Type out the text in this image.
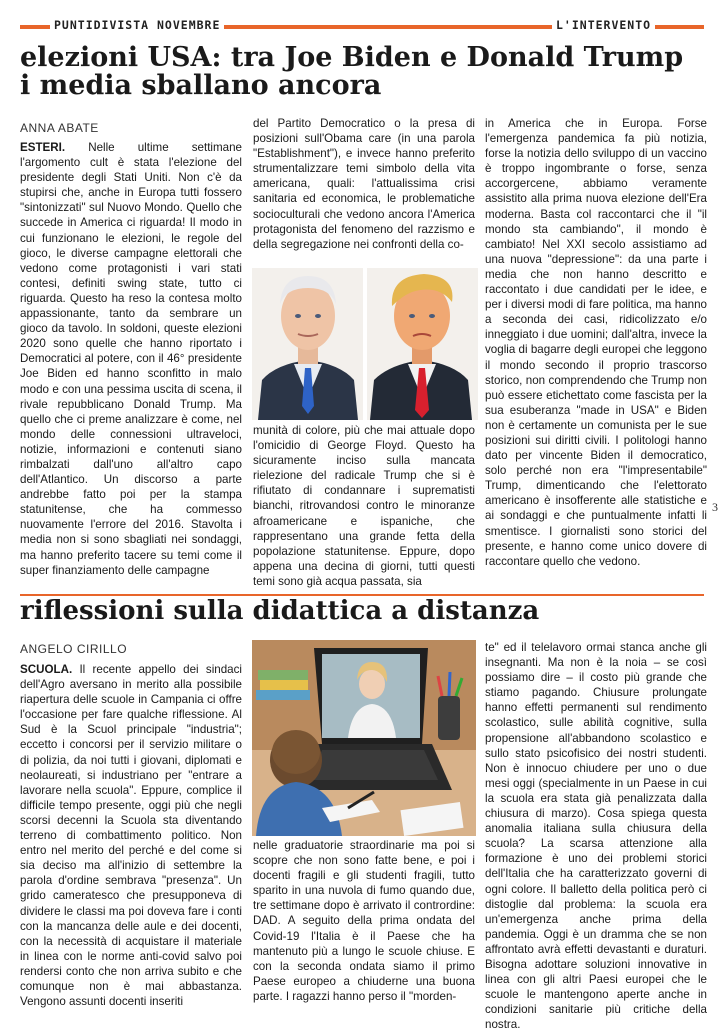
PUNTIDIVISTA NOVEMBRE	L'INTERVENTO
elezioni USA: tra Joe Biden e Donald Trump
i media sballano ancora
ANNA ABATE
ESTERI. Nelle ultime settimane l'argomento cult è stata l'elezione del presidente degli Stati Uniti. Non c'è da stupirsi che, anche in Europa tutti fossero "sintonizzati" sul Nuovo Mondo. Quello che succede in America ci riguarda! Il modo in cui funzionano le elezioni, le regole del gioco, le diverse campagne elettorali che vedono come protagonisti i vari stati contesi, definiti swing state, tutto ci riguarda. Questo ha reso la contesa molto appassionante, tanto da sembrare un gioco da tavolo. In soldoni, queste elezioni 2020 sono quelle che hanno riportato i Democratici al potere, con il 46° presidente Joe Biden ed hanno sconfitto in malo modo e con una pessima uscita di scena, il rivale repubblicano Donald Trump. Ma quello che ci preme analizzare è come, nel mondo delle connessioni ultraveloci, notizie, informazioni e contenuti siano rimbalzati dall'uno all'altro capo dell'Atlantico. Un discorso a parte andrebbe fatto poi per la stampa statunitense, che ha commesso nuovamente l'errore del 2016. Stavolta i media non si sono sbagliati nei sondaggi, ma hanno preferito tacere su temi come il super finanziamento delle campagne
del Partito Democratico o la presa di posizioni sull'Obama care (in una parola "Establishment"), e invece hanno preferito strumentalizzare temi simbolo della vita americana, quali: l'attualissima crisi sanitaria ed economica, le problematiche socioculturali che vedono ancora l'America protagonista del fenomeno del razzismo e della segregazione nei confronti della co-
munità di colore, più che mai attuale dopo l'omicidio di George Floyd. Questo ha sicuramente inciso sulla mancata rielezione del radicale Trump che si è rifiutato di condannare i suprematisti bianchi, ritrovandosi contro le minoranze afroamericane e ispaniche, che rappresentano una grande fetta della popolazione statunitense. Eppure, dopo appena una decina di giorni, tutti questi temi sono già acqua passata, sia
in America che in Europa. Forse l'emergenza pandemica fa più notizia, forse la notizia dello sviluppo di un vaccino è troppo ingombrante o forse, senza accorgercene, abbiamo veramente assistito alla prima nuova elezione dell'Era moderna. Basta col raccontarci che il "il mondo sta cambiando", il mondo è cambiato! Nel XXI secolo assistiamo ad una nuova "depressione": da una parte i media che non hanno descritto e raccontato i due candidati per le idee, e per i diversi modi di fare politica, ma hanno a seconda dei casi, ridicolizzato e/o inneggiato i due uomini; dall'altra, invece la voglia di bagarre degli europei che leggono il mondo secondo il proprio trascorso storico, non comprendendo che Trump non può essere etichettato come fascista per la sua esuberanza "made in USA" e Biden non è certamente un comunista per le sue posizioni sui diritti civili. I politologi hanno dato per vincente Biden il democratico, solo perché non era "l'impresentabile" Trump, dimenticando che l'elettorato americano è insofferente alle statistiche e ai sondaggi e che puntualmente infatti li smentisce. I giornalisti sono storici del presente, e hanno come unico dovere di raccontare quello che vedono.
3
riflessioni sulla didattica a distanza
ANGELO CIRILLO
SCUOLA. Il recente appello dei sindaci dell'Agro aversano in merito alla possibile riapertura delle scuole in Campania ci offre l'occasione per fare qualche riflessione. Al Sud è la Scuol principale "industria"; eccetto i concorsi per il servizio militare o di polizia, da noi tutti i giovani, diplomati e neolaureati, si industriano per "entrare a lavorare nella scuola". Eppure, complice il difficile tempo presente, oggi più che negli scorsi decenni la Scuola sta diventando terreno di combattimento politico. Non entro nel merito del perché e del come si sia deciso ma all'inizio di settembre la parola d'ordine sembrava "presenza". Un grido cameratesco che presupponeva di dividere le classi ma poi doveva fare i conti con la mancanza delle aule e dei docenti, con la necessità di acquistare il materiale in linea con le norme anti-covid salvo poi rendersi conto che non arriva subito e che comunque non è mai abbastanza. Vengono assunti docenti inseriti
nelle graduatorie straordinarie ma poi si scopre che non sono fatte bene, e poi i docenti fragili e gli studenti fragili, tutto sparito in una nuvola di fumo quando due, tre settimane dopo è arrivato il contrordine: DAD. A seguito della prima ondata del Covid-19 l'Italia è il Paese che ha mantenuto più a lungo le scuole chiuse. E con la seconda ondata siamo il primo Paese europeo a chiuderne una buona parte. I ragazzi hanno perso il "morden-
te" ed il telelavoro ormai stanca anche gli insegnanti. Ma non è la noia – se così possiamo dire – il costo più grande che stiamo pagando. Chiusure prolungate hanno effetti permanenti sul rendimento scolastico, sulle abilità cognitive, sulla propensione all'abbandono scolastico e sullo stato psicofisico dei nostri studenti. Non è innocuo chiudere per uno o due mesi oggi (specialmente in un Paese in cui la scuola era stata già penalizzata dalla chiusura di marzo). Cosa spiega questa anomalia italiana sulla chiusura della scuola? La scarsa attenzione alla formazione è uno dei problemi storici dell'Italia che ha caratterizzato governi di ogni colore. Il balletto della politica però ci distoglie dal problema: la scuola era un'emergenza anche prima della pandemia. Oggi è un dramma che se non affrontato avrà effetti devastanti e duraturi. Bisogna adottare soluzioni innovative in linea con gli altri Paesi europei che le scuole le mantengono aperte anche in condizioni sanitarie più critiche della nostra.
